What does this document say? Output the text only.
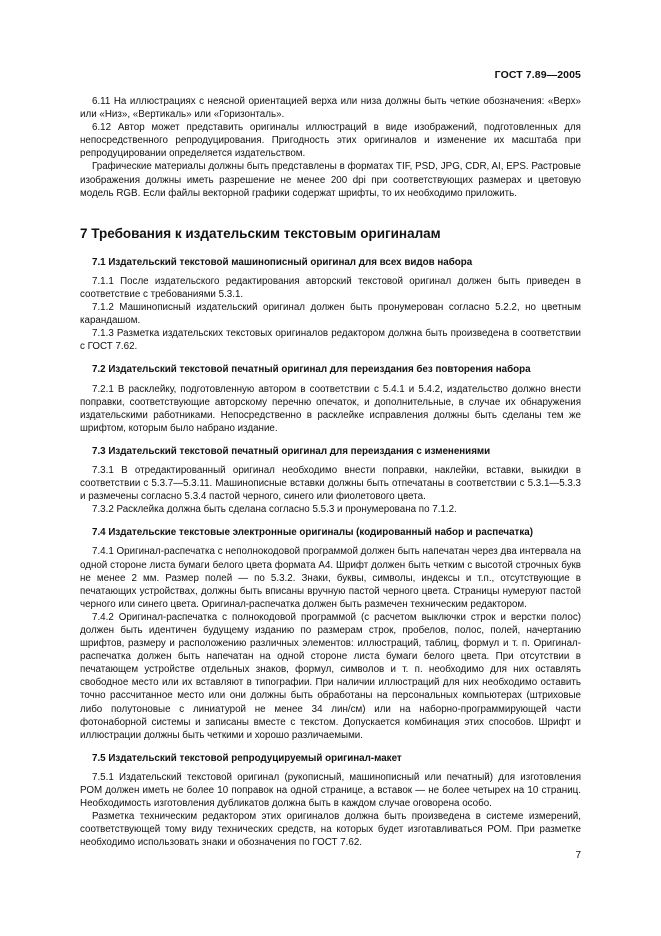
ГОСТ 7.89—2005

6.11 На иллюстрациях с неясной ориентацией верха или низа должны быть четкие обозначения: «Верх» или «Низ», «Вертикаль» или «Горизонталь».

6.12 Автор может представить оригиналы иллюстраций в виде изображений, подготовленных для непосредственного репродуцирования. Пригодность этих оригиналов и изменение их масштаба при репродуцировании определяется издательством.

Графические материалы должны быть представлены в форматах TIF, PSD, JPG, CDR, AI, EPS. Растровые изображения должны иметь разрешение не менее 200 dpi при соответствующих размерах и цветовую модель RGB. Если файлы векторной графики содержат шрифты, то их необходимо приложить.

7 Требования к издательским текстовым оригиналам
7.1 Издательский текстовой машинописный оригинал для всех видов набора

7.1.1 После издательского редактирования авторский текстовой оригинал должен быть приведен в соответствие с требованиями 5.3.1.

7.1.2 Машинописный издательский оригинал должен быть пронумерован согласно 5.2.2, но цветным карандашом.

7.1.3 Разметка издательских текстовых оригиналов редактором должна быть произведена в соответствии с ГОСТ 7.62.

7.2 Издательский текстовой печатный оригинал для переиздания без повторения набора

7.2.1 В расклейку, подготовленную автором в соответствии с 5.4.1 и 5.4.2, издательство должно внести поправки, соответствующие авторскому перечню опечаток, и дополнительные, в случае их обнаружения издательскими работниками. Непосредственно в расклейке исправления должны быть сделаны тем же шрифтом, которым было набрано издание.

7.3 Издательский текстовой печатный оригинал для переиздания с изменениями

7.3.1 В отредактированный оригинал необходимо внести поправки, наклейки, вставки, выкидки в соответствии с 5.3.7—5.3.11. Машинописные вставки должны быть отпечатаны в соответствии с 5.3.1—5.3.3 и размечены согласно 5.3.4 пастой черного, синего или фиолетового цвета.

7.3.2 Расклейка должна быть сделана согласно 5.5.3 и пронумерована по 7.1.2.

7.4 Издательские текстовые электронные оригиналы (кодированный набор и распечатка)

7.4.1 Оригинал-распечатка с неполнокодовой программой должен быть напечатан через два интервала на одной стороне листа бумаги белого цвета формата А4. Шрифт должен быть четким с высотой строчных букв не менее 2 мм. Размер полей — по 5.3.2. Знаки, буквы, символы, индексы и т.п., отсутствующие в печатающих устройствах, должны быть вписаны вручную пастой черного цвета. Страницы нумеруют пастой черного или синего цвета. Оригинал-распечатка должен быть размечен техническим редактором.

7.4.2 Оригинал-распечатка с полнокодовой программой (с расчетом выключки строк и верстки полос) должен быть идентичен будущему изданию по размерам строк, пробелов, полос, полей, начертанию шрифтов, размеру и расположению различных элементов: иллюстраций, таблиц, формул и т. п. Оригинал-распечатка должен быть напечатан на одной стороне листа бумаги белого цвета. При отсутствии в печатающем устройстве отдельных знаков, формул, символов и т. п. необходимо для них оставлять свободное место или их вставляют в типографии. При наличии иллюстраций для них необходимо оставить точно рассчитанное место или они должны быть обработаны на персональных компьютерах (штриховые либо полутоновые с линиатурой не менее 34 лин/см) или на наборно-программирующей части фотонаборной системы и записаны вместе с текстом. Допускается комбинация этих способов. Шрифт и иллюстрации должны быть четкими и хорошо различаемыми.

7.5 Издательский текстовой репродуцируемый оригинал-макет

7.5.1 Издательский текстовой оригинал (рукописный, машинописный или печатный) для изготовления РОМ должен иметь не более 10 поправок на одной странице, а вставок — не более четырех на 10 страниц. Необходимость изготовления дубликатов должна быть в каждом случае оговорена особо.

Разметка техническим редактором этих оригиналов должна быть произведена в системе измерений, соответствующей тому виду технических средств, на которых будет изготавливаться РОМ. При разметке необходимо использовать знаки и обозначения по ГОСТ 7.62.

7
